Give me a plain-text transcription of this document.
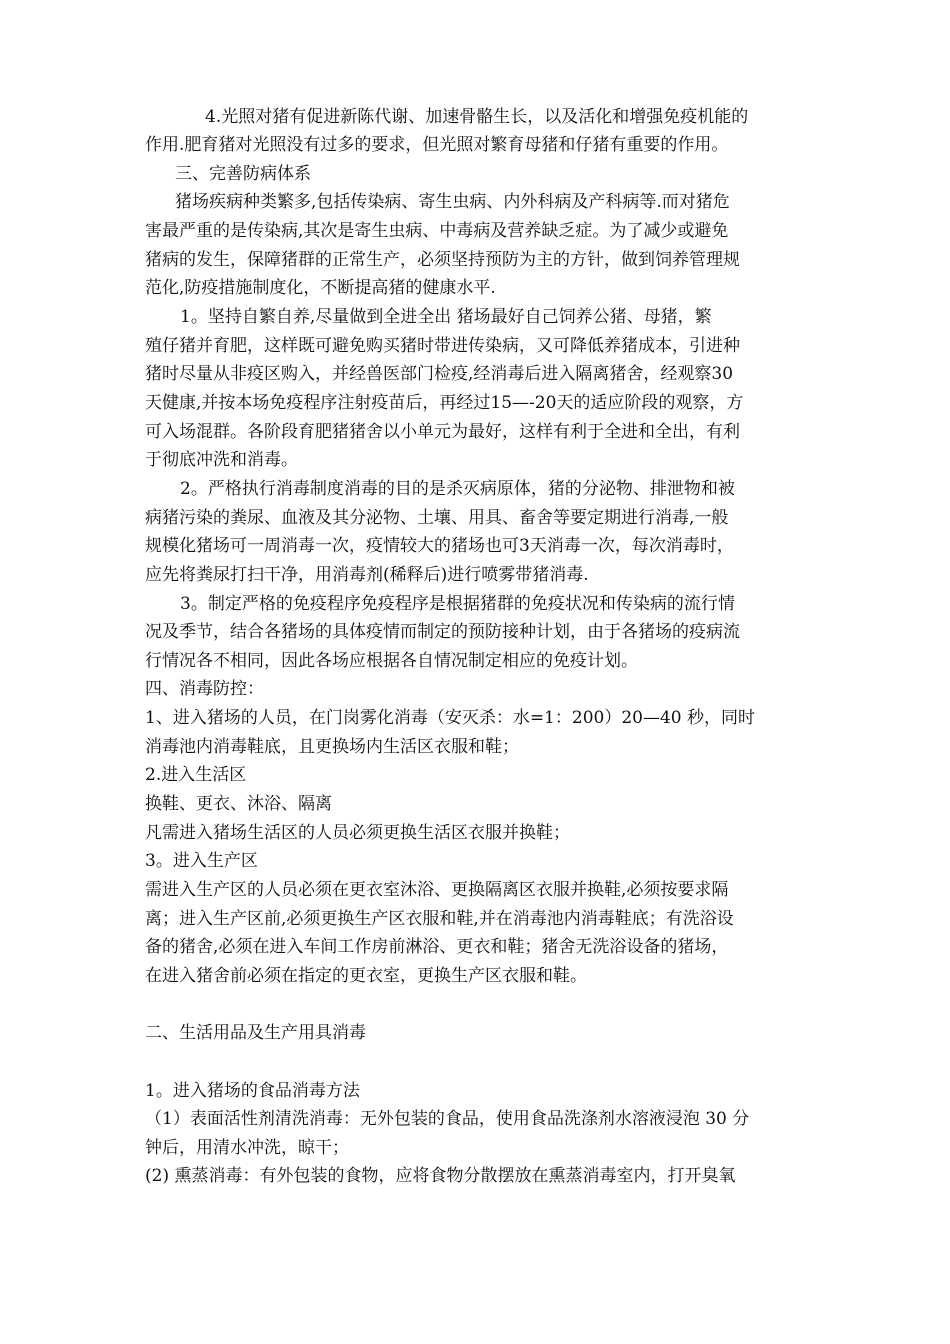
4.光照对猪有促进新陈代谢、加速骨骼生长，以及活化和增强免疫机能的
作用.肥育猪对光照没有过多的要求，但光照对繁育母猪和仔猪有重要的作用。
三、完善防病体系
猪场疾病种类繁多,包括传染病、寄生虫病、内外科病及产科病等.而对猪危
害最严重的是传染病,其次是寄生虫病、中毒病及营养缺乏症。为了减少或避免
猪病的发生，保障猪群的正常生产，必须坚持预防为主的方针，做到饲养管理规
范化,防疫措施制度化，不断提高猪的健康水平.
1。坚持自繁自养,尽量做到全进全出 猪场最好自己饲养公猪、母猪，繁
殖仔猪并育肥，这样既可避免购买猪时带进传染病，又可降低养猪成本，引进种
猪时尽量从非疫区购入，并经兽医部门检疫,经消毒后进入隔离猪舍，经观察30
天健康,并按本场免疫程序注射疫苗后，再经过15—-20天的适应阶段的观察，方
可入场混群。各阶段育肥猪猪舍以小单元为最好，这样有利于全进和全出，有利
于彻底冲洗和消毒。
2。严格执行消毒制度消毒的目的是杀灭病原体，猪的分泌物、排泄物和被
病猪污染的粪尿、血液及其分泌物、土壤、用具、畜舍等要定期进行消毒,一般
规模化猪场可一周消毒一次，疫情较大的猪场也可3天消毒一次，每次消毒时，
应先将粪尿打扫干净，用消毒剂(稀释后)进行喷雾带猪消毒.
3。制定严格的免疫程序免疫程序是根据猪群的免疫状况和传染病的流行情
况及季节，结合各猪场的具体疫情而制定的预防接种计划，由于各猪场的疫病流
行情况各不相同，因此各场应根据各自情况制定相应的免疫计划。
四、消毒防控：
1、进入猪场的人员，在门岗雾化消毒（安灭杀：水=1：200）20—40 秒，同时
消毒池内消毒鞋底，且更换场内生活区衣服和鞋；
2.进入生活区
换鞋、更衣、沐浴、隔离
凡需进入猪场生活区的人员必须更换生活区衣服并换鞋；
3。进入生产区
需进入生产区的人员必须在更衣室沐浴、更换隔离区衣服并换鞋,必须按要求隔
离；进入生产区前,必须更换生产区衣服和鞋,并在消毒池内消毒鞋底；有洗浴设
备的猪舍,必须在进入车间工作房前淋浴、更衣和鞋；猪舍无洗浴设备的猪场，
在进入猪舍前必须在指定的更衣室，更换生产区衣服和鞋。
二、生活用品及生产用具消毒
1。进入猪场的食品消毒方法
（1）表面活性剂清洗消毒：无外包装的食品，使用食品洗涤剂水溶液浸泡 30 分
钟后，用清水冲洗，晾干；
(2) 熏蒸消毒：有外包装的食物，应将食物分散摆放在熏蒸消毒室内，打开臭氧
